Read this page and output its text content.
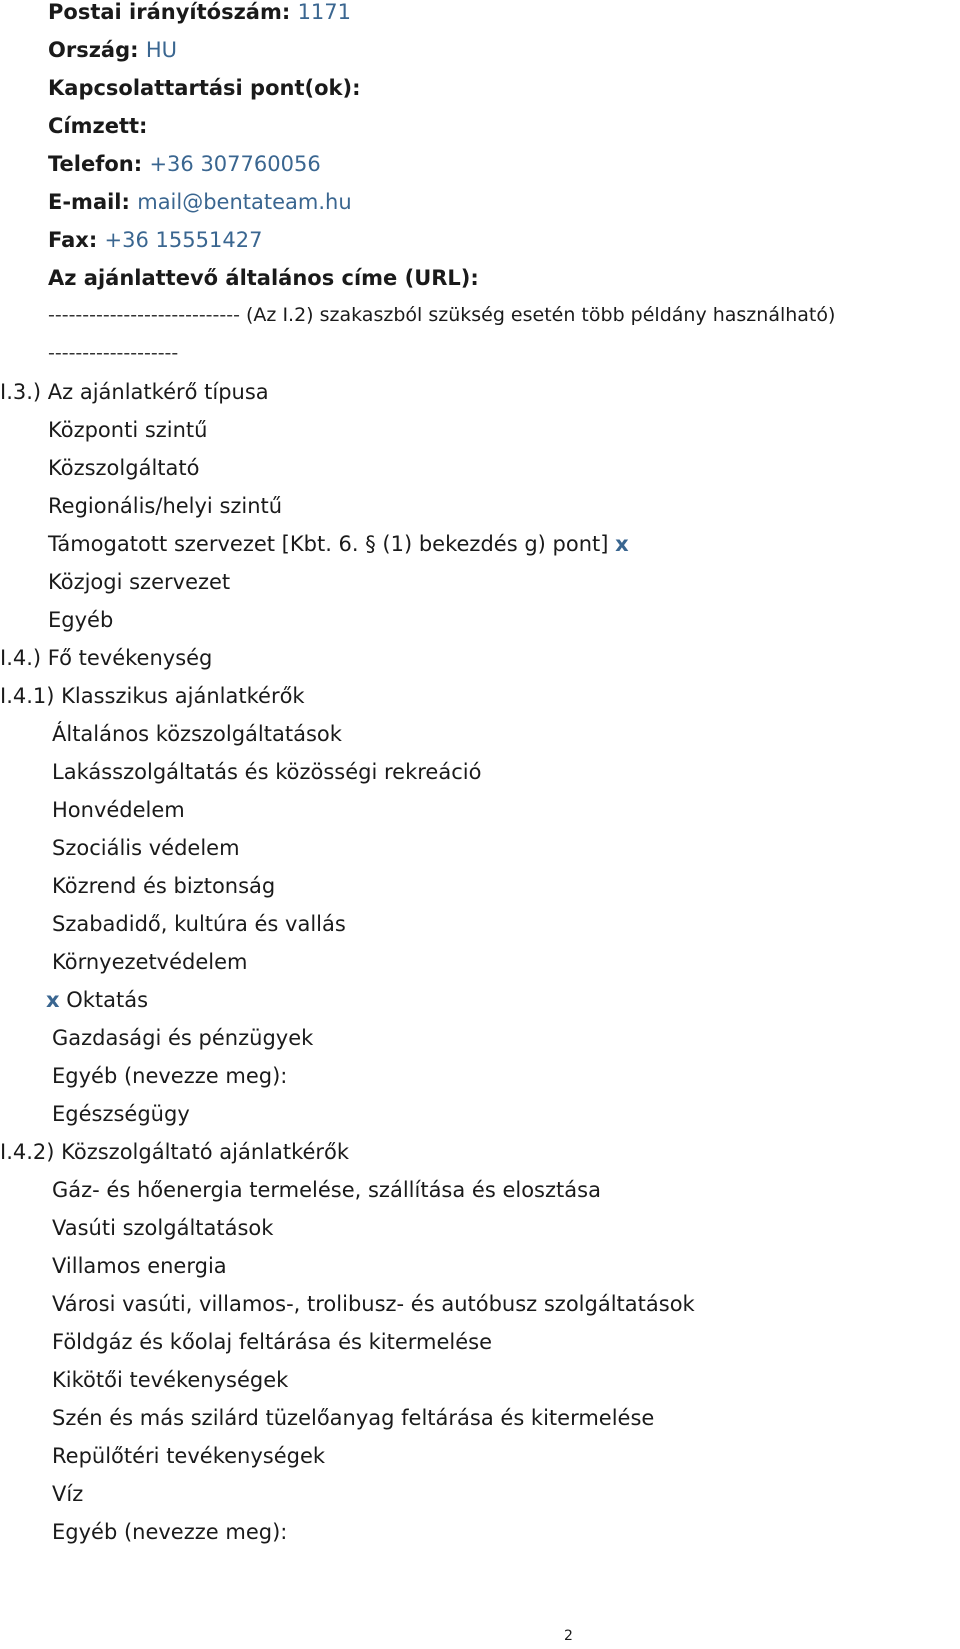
Postai irányítószám: 1171
Ország: HU
Kapcsolattartási pont(ok):
Címzett:
Telefon: +36 307760056
E-mail: mail@bentateam.hu
Fax: +36 15551427
Az ajánlattevő általános címe (URL):
---------------------------- (Az I.2) szakaszból szükség esetén több példány használható)
-------------------
I.3.) Az ajánlatkérő típusa
Központi szintű
Közszolgáltató
Regionális/helyi szintű
Támogatott szervezet [Kbt. 6. § (1) bekezdés g) pont] x
Közjogi szervezet
Egyéb
I.4.) Fő tevékenység
I.4.1) Klasszikus ajánlatkérők
Általános közszolgáltatások
Lakásszolgáltatás és közösségi rekreáció
Honvédelem
Szociális védelem
Közrend és biztonság
Szabadidő, kultúra és vallás
Környezetvédelem
x Oktatás
Gazdasági és pénzügyek
Egyéb (nevezze meg):
Egészségügy
I.4.2) Közszolgáltató ajánlatkérők
Gáz- és hőenergia termelése, szállítása és elosztása
Vasúti szolgáltatások
Villamos energia
Városi vasúti, villamos-, trolibusz- és autóbusz szolgáltatások
Földgáz és kőolaj feltárása és kitermelése
Kikötői tevékenységek
Szén és más szilárd tüzelőanyag feltárása és kitermelése
Repülőtéri tevékenységek
Víz
Egyéb (nevezze meg):
2
